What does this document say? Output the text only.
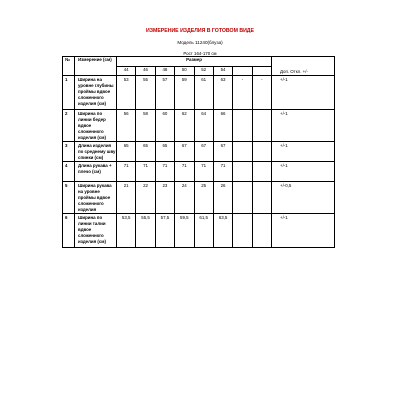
ИЗМЕРЕНИЕ ИЗДЕЛИЯ В ГОТОВОМ ВИДЕ
Модель 11240(блуза)
Рост 164-170 см
№	Измерение (см)	Размер								Доп. Откл. +/-
		44	46	48	50	52	54			
1	Ширина на уровне глубины проймы вдвое сложенного изделия (см)	53	55	57	59	61	63	-	-	+/-1
2	Ширина по линии бедер вдвое сложенного изделия (см)	56	58	60	62	64	66			+/-1
3	Длина изделия по среднему шву спинки (см)	65	65	65	67	67	67			+/-1
4	Длина рукава + плечо (см)	71	71	71	71	71	71			+/-1
5	Ширина рукава на уровне проймы вдвое сложенного изделия	21	22	23	24	25	26			+/-0,5
6	Ширина по линии талии вдвое сложенного изделия (см)	53,5	55,5	57,5	59,5	61,5	63,5			+/-1
